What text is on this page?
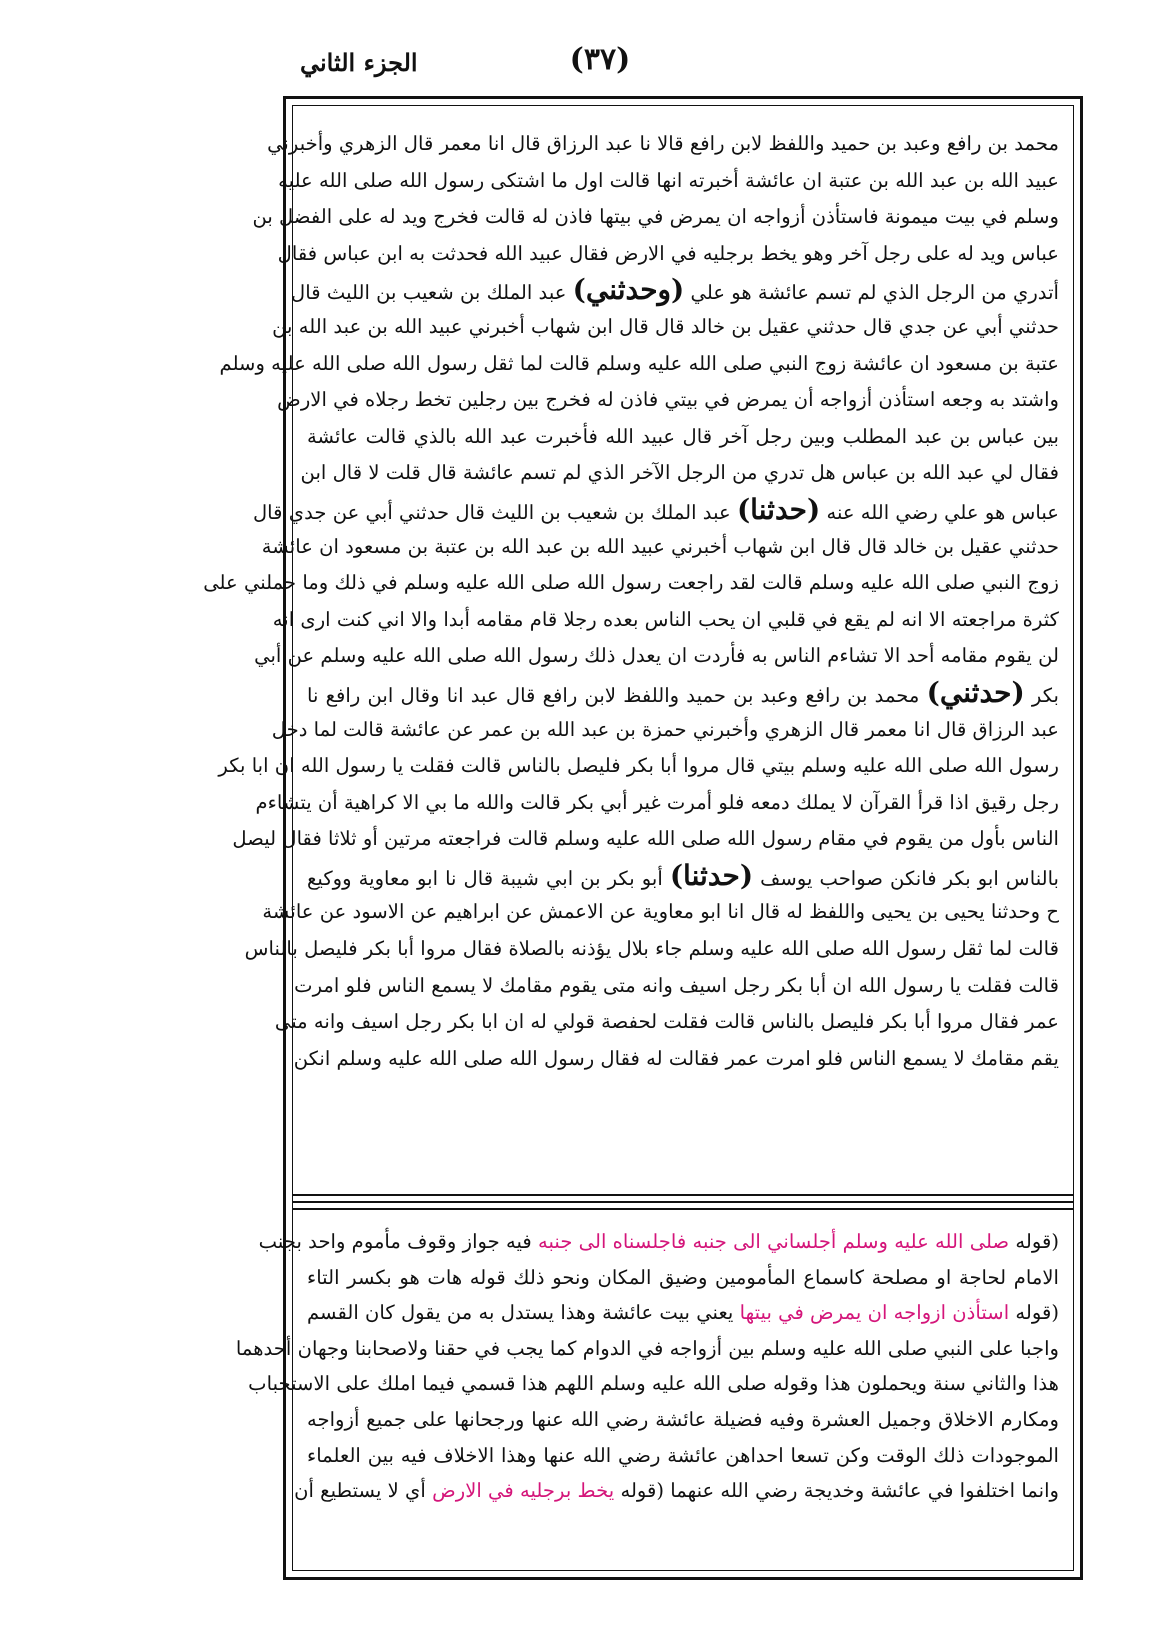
الجزء الثاني	(٣٧)
محمد بن رافع وعبد بن حميد واللفظ لابن رافع قالا نا عبد الرزاق قال انا معمر قال الزهري وأخبرني
عبيد الله بن عبد الله بن عتبة ان عائشة أخبرته انها قالت اول ما اشتكى رسول الله صلى الله عليه
وسلم في بيت ميمونة فاستأذن أزواجه ان يمرض في بيتها فاذن له قالت فخرج ويد له على الفضل بن
عباس ويد له على رجل آخر وهو يخط برجليه في الارض فقال عبيد الله فحدثت به ابن عباس فقال
أتدري من الرجل الذي لم تسم عائشة هو علي (وحدثني) عبد الملك بن شعيب بن الليث قال
حدثني أبي عن جدي قال حدثني عقيل بن خالد قال قال ابن شهاب أخبرني عبيد الله بن عبد الله بن
عتبة بن مسعود ان عائشة زوج النبي صلى الله عليه وسلم قالت لما ثقل رسول الله صلى الله عليه وسلم
واشتد به وجعه استأذن أزواجه أن يمرض في بيتي فاذن له فخرج بين رجلين تخط رجلاه في الارض
بين عباس بن عبد المطلب وبين رجل آخر قال عبيد الله فأخبرت عبد الله بالذي قالت عائشة
فقال لي عبد الله بن عباس هل تدري من الرجل الآخر الذي لم تسم عائشة قال قلت لا قال ابن
عباس هو علي رضي الله عنه (حدثنا) عبد الملك بن شعيب بن الليث قال حدثني أبي عن جدي قال
حدثني عقيل بن خالد قال قال ابن شهاب أخبرني عبيد الله بن عبد الله بن عتبة بن مسعود ان عائشة
زوج النبي صلى الله عليه وسلم قالت لقد راجعت رسول الله صلى الله عليه وسلم في ذلك وما حملني على
كثرة مراجعته الا انه لم يقع في قلبي ان يحب الناس بعده رجلا قام مقامه أبدا والا اني كنت ارى انه
لن يقوم مقامه أحد الا تشاءم الناس به فأردت ان يعدل ذلك رسول الله صلى الله عليه وسلم عن أبي
بكر (حدثني) محمد بن رافع وعبد بن حميد واللفظ لابن رافع قال عبد انا وقال ابن رافع نا
عبد الرزاق قال انا معمر قال الزهري وأخبرني حمزة بن عبد الله بن عمر عن عائشة قالت لما دخل
رسول الله صلى الله عليه وسلم بيتي قال مروا أبا بكر فليصل بالناس قالت فقلت يا رسول الله ان ابا بكر
رجل رقيق اذا قرأ القرآن لا يملك دمعه فلو أمرت غير أبي بكر قالت والله ما بي الا كراهية أن يتشاءم
الناس بأول من يقوم في مقام رسول الله صلى الله عليه وسلم قالت فراجعته مرتين أو ثلاثا فقال ليصل
بالناس ابو بكر فانكن صواحب يوسف (حدثنا) أبو بكر بن ابي شيبة قال نا ابو معاوية ووكيع
ح وحدثنا يحيى بن يحيى واللفظ له قال انا ابو معاوية عن الاعمش عن ابراهيم عن الاسود عن عائشة
قالت لما ثقل رسول الله صلى الله عليه وسلم جاء بلال يؤذنه بالصلاة فقال مروا أبا بكر فليصل بالناس
قالت فقلت يا رسول الله ان أبا بكر رجل اسيف وانه متى يقوم مقامك لا يسمع الناس فلو امرت
عمر فقال مروا أبا بكر فليصل بالناس قالت فقلت لحفصة قولي له ان ابا بكر رجل اسيف وانه متى
يقم مقامك لا يسمع الناس فلو امرت عمر فقالت له فقال رسول الله صلى الله عليه وسلم انكن
(قوله صلى الله عليه وسلم أجلساني الى جنبه فاجلسناه الى جنبه فيه جواز وقوف مأموم واحد بجنب
الامام لحاجة او مصلحة كاسماع المأمومين وضيق المكان ونحو ذلك قوله هات هو بكسر التاء
(قوله استأذن ازواجه ان يمرض في بيتها يعني بيت عائشة وهذا يستدل به من يقول كان القسم
واجبا على النبي صلى الله عليه وسلم بين أزواجه في الدوام كما يجب في حقنا ولاصحابنا وجهان أحدهما
هذا والثاني سنة ويحملون هذا وقوله صلى الله عليه وسلم اللهم هذا قسمي فيما املك على الاستحباب
ومكارم الاخلاق وجميل العشرة وفيه فضيلة عائشة رضي الله عنها ورجحانها على جميع أزواجه
الموجودات ذلك الوقت وكن تسعا احداهن عائشة رضي الله عنها وهذا الاخلاف فيه بين العلماء
وانما اختلفوا في عائشة وخديجة رضي الله عنهما (قوله يخط برجليه في الارض أي لا يستطيع أن
